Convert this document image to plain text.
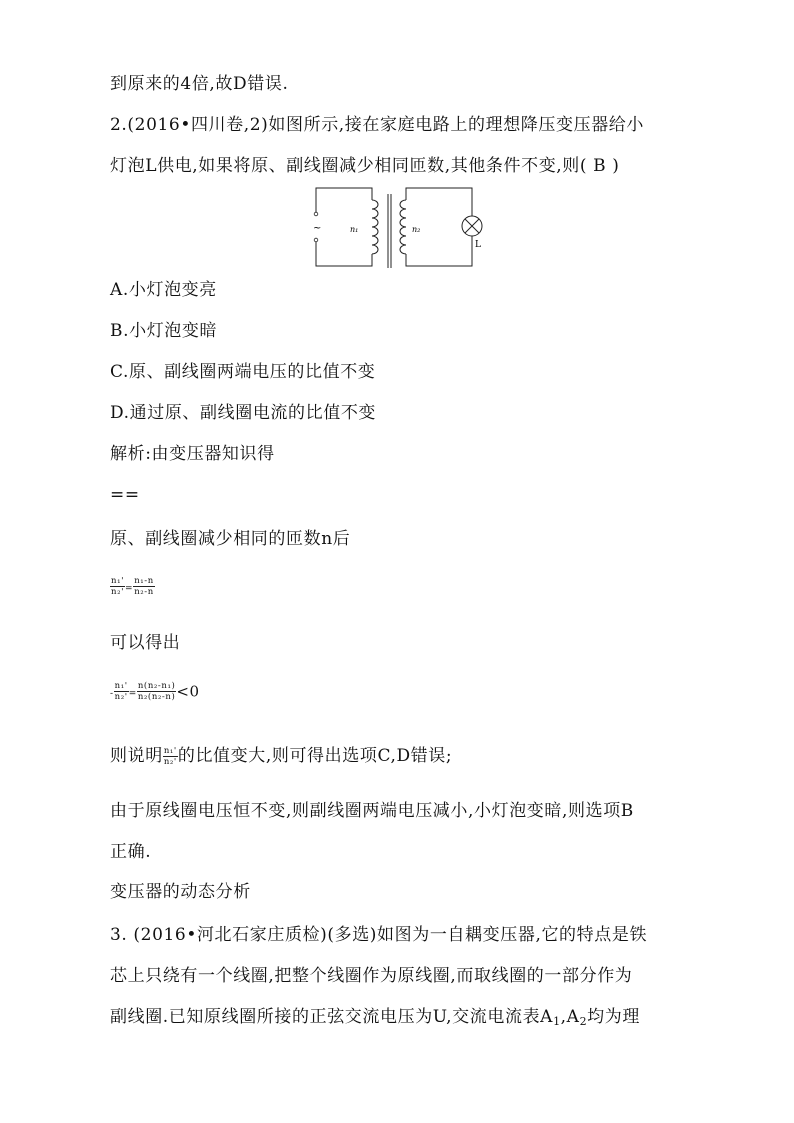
到原来的4倍,故D错误.
2.(2016•四川卷,2)如图所示,接在家庭电路上的理想降压变压器给小
灯泡L供电,如果将原、副线圈减少相同匝数,其他条件不变,则( B )
~	n₁	n₂
L
A.小灯泡变亮
B.小灯泡变暗
C.原、副线圈两端电压的比值不变
D.通过原、副线圈电流的比值不变
解析:由变压器知识得
==
原、副线圈减少相同的匝数n后
$\frac{\text{n₁'}}{\text{n₂'}} = \frac{\text{n₁-n}}{\text{n₂-n}}$
可以得出
- $\frac{\text{n₁'}}{\text{n₂'}} = \frac{\text{n(n₂-n₁)}}{\text{n₂(n₂-n)}} <0$
则说明 $\frac{\text{n₁'}}{\text{n₂'}}$ 的比值变大,则可得出选项C,D错误;
由于原线圈电压恒不变,则副线圈两端电压减小,小灯泡变暗,则选项B
正确.
变压器的动态分析
3. (2016•河北石家庄质检)(多选)如图为一自耦变压器,它的特点是铁
芯上只绕有一个线圈,把整个线圈作为原线圈,而取线圈的一部分作为
副线圈.已知原线圈所接的正弦交流电压为U,交流电流表$A_1,A_2$均为理
